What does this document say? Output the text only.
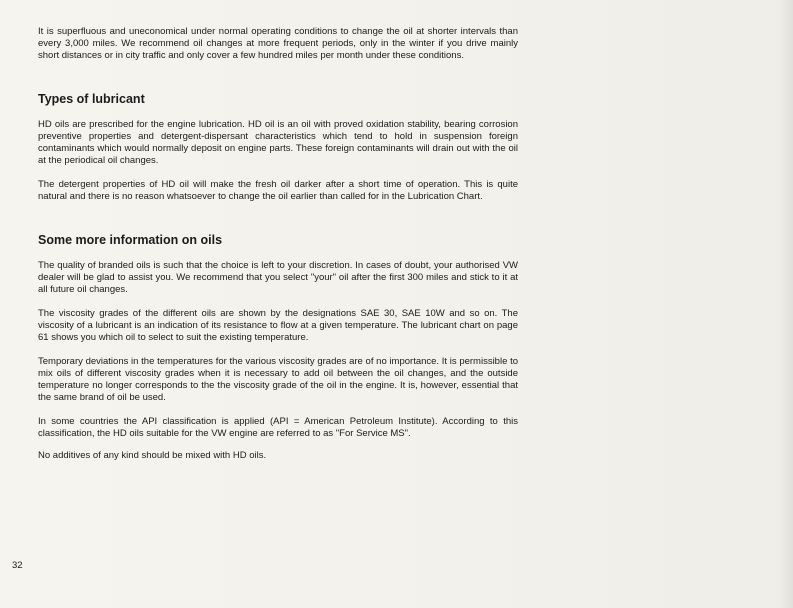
It is superfluous and uneconomical under normal operating conditions to change the oil at shorter intervals than every 3,000 miles. We recommend oil changes at more frequent periods, only in the winter if you drive mainly short distances or in city traffic and only cover a few hundred miles per month under these conditions.

Types of lubricant

HD oils are prescribed for the engine lubrication. HD oil is an oil with proved oxidation stability, bearing corrosion preventive properties and detergent-dispersant characteristics which tend to hold in suspension foreign contaminants which would normally deposit on engine parts. These foreign contaminants will drain out with the oil at the periodical oil changes.

The detergent properties of HD oil will make the fresh oil darker after a short time of operation. This is quite natural and there is no reason whatsoever to change the oil earlier than called for in the Lubrication Chart.

Some more information on oils

The quality of branded oils is such that the choice is left to your discretion. In cases of doubt, your authorised VW dealer will be glad to assist you. We recommend that you select "your" oil after the first 300 miles and stick to it at all future oil changes.

The viscosity grades of the different oils are shown by the designations SAE 30, SAE 10W and so on. The viscosity of a lubricant is an indication of its resistance to flow at a given temperature. The lubricant chart on page 61 shows you which oil to select to suit the existing temperature.

Temporary deviations in the temperatures for the various viscosity grades are of no importance. It is permissible to mix oils of different viscosity grades when it is necessary to add oil between the oil changes, and the outside temperature no longer corresponds to the the viscosity grade of the oil in the engine. It is, however, essential that the same brand of oil be used.

In some countries the API classification is applied (API = American Petroleum Institute). According to this classification, the HD oils suitable for the VW engine are referred to as "For Service MS".

No additives of any kind should be mixed with HD oils.

32
